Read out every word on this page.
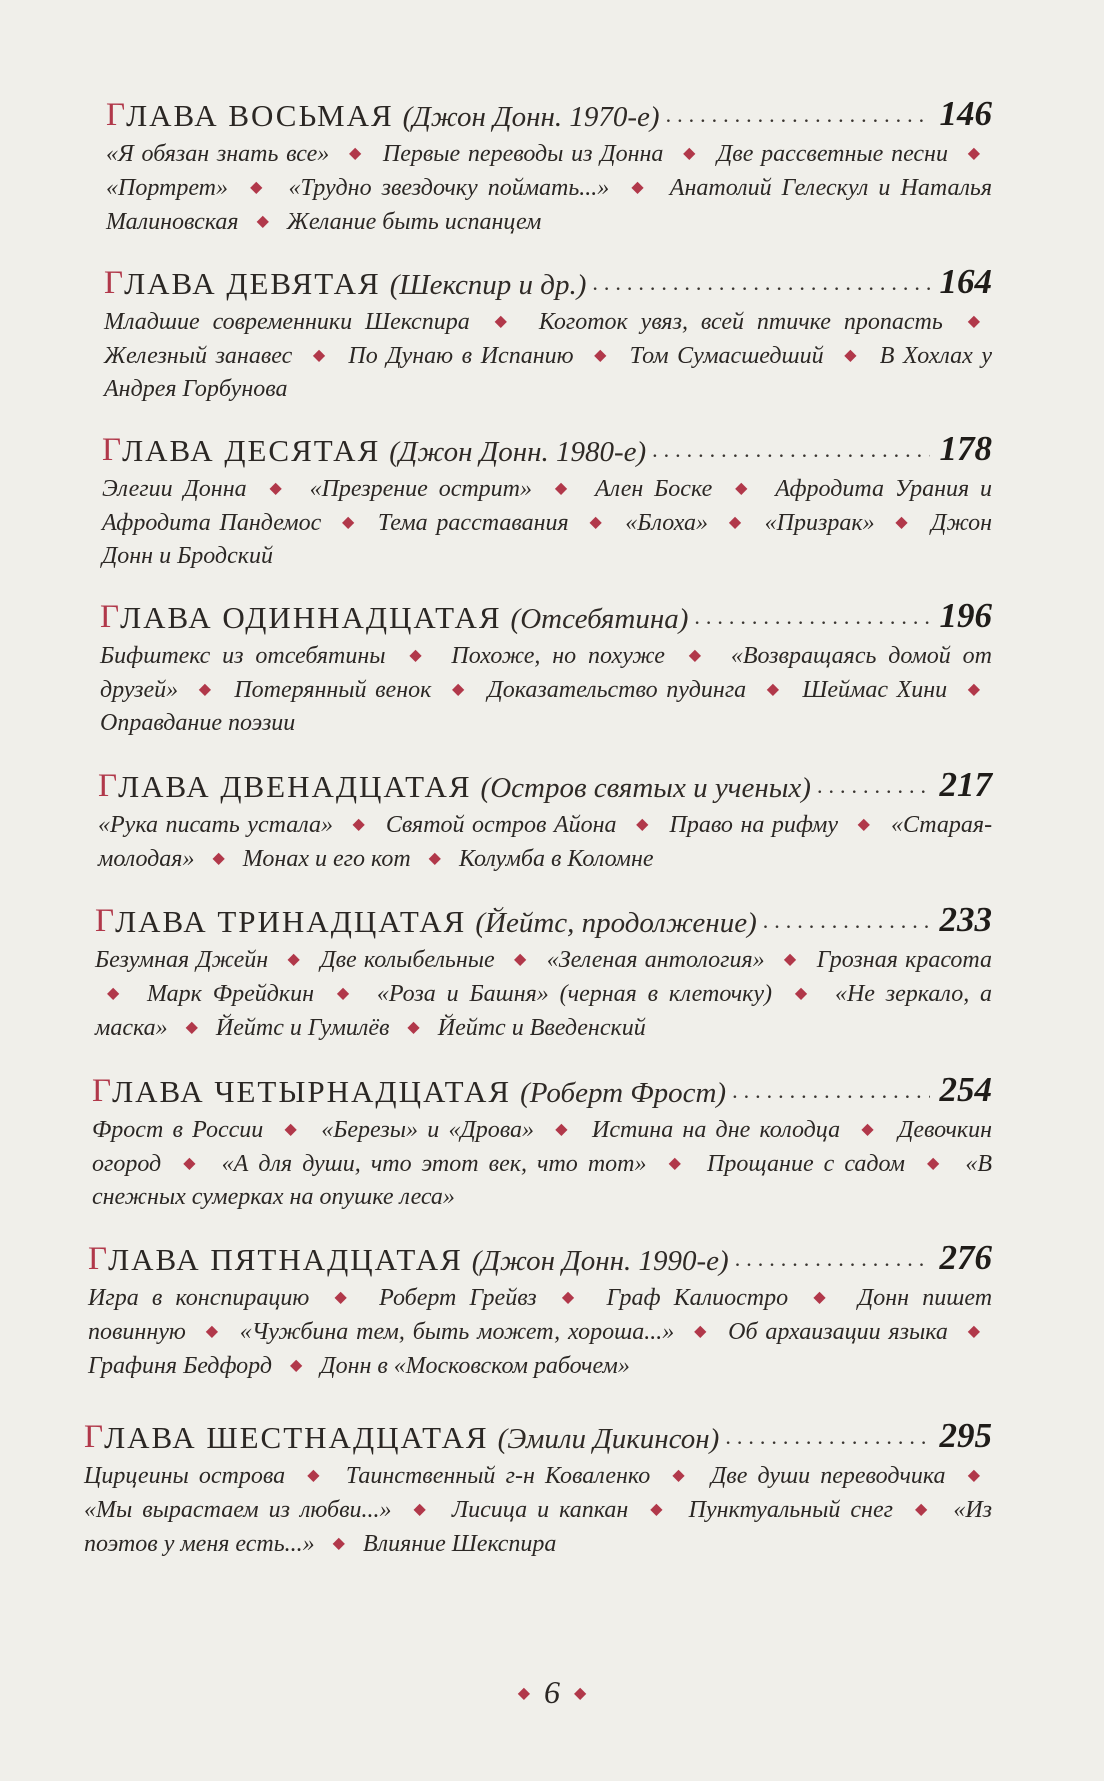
Г ЛАВА ВОСЬМАЯ (Джон Донн. 1970-е) .....	146
«Я обязан знать все» ◆ Первые переводы из Донна ◆ Две рассветные песни ◆ «Портрет» ◆ «Трудно звездочку поймать...» ◆ Анатолий Гелескул и Наталья Малиновская ◆ Желание быть испанцем
Г ЛАВА ДЕВЯТАЯ (Шекспир и др.) .....	164
Младшие современники Шекспира ◆ Коготок увяз, всей птичке пропасть ◆ Железный занавес ◆ По Дунаю в Испанию ◆ Том Сумасшедший ◆ В Хохлах у Андрея Горбунова
Г ЛАВА ДЕСЯТАЯ (Джон Донн. 1980-е) .....	178
Элегии Донна ◆ «Презрение острит» ◆ Ален Боске ◆ Афродита Урания и Афродита Пандемос ◆ Тема расставания ◆ «Блоха» ◆ «Призрак» ◆ Джон Донн и Бродский
Г ЛАВА ОДИННАДЦАТАЯ (Отсебятина) .....	196
Бифштекс из отсебятины ◆ Похоже, но похуже ◆ «Возвращаясь домой от друзей» ◆ Потерянный венок ◆ Доказательство пудинга ◆ Шеймас Хини ◆ Оправдание поэзии
Г ЛАВА ДВЕНАДЦАТАЯ (Остров святых и ученых) .....	217
«Рука писать устала» ◆ Святой остров Айона ◆ Право на рифму ◆ «Старая-молодая» ◆ Монах и его кот ◆ Колумба в Коломне
Г ЛАВА ТРИНАДЦАТАЯ (Йейтс, продолжение) .....	233
Безумная Джейн ◆ Две колыбельные ◆ «Зеленая антология» ◆ Грозная красота ◆ Марк Фрейдкин ◆ «Роза и Башня» (черная в клеточку) ◆ «Не зеркало, а маска» ◆ Йейтс и Гумилёв ◆ Йейтс и Введенский
Г ЛАВА ЧЕТЫРНАДЦАТАЯ (Роберт Фрост) .....	254
Фрост в России ◆ «Березы» и «Дрова» ◆ Истина на дне колодца ◆ Девочкин огород ◆ «А для души, что этот век, что тот» ◆ Прощание с садом ◆ «В снежных сумерках на опушке леса»
Г ЛАВА ПЯТНАДЦАТАЯ (Джон Донн. 1990-е) .....	276
Игра в конспирацию ◆ Роберт Грейвз ◆ Граф Калиостро ◆ Донн пишет повинную ◆ «Чужбина тем, быть может, хороша...» ◆ Об архаизации языка ◆ Графиня Бедфорд ◆ Донн в «Московском рабочем»
Г ЛАВА ШЕСТНАДЦАТАЯ (Эмили Дикинсон) .....	295
Цирцеины острова ◆ Таинственный г-н Коваленко ◆ Две души переводчика ◆ «Мы вырастаем из любви...» ◆ Лисица и капкан ◆ Пунктуальный снег ◆ «Из поэтов у меня есть...» ◆ Влияние Шекспира
◆ 6 ◆
